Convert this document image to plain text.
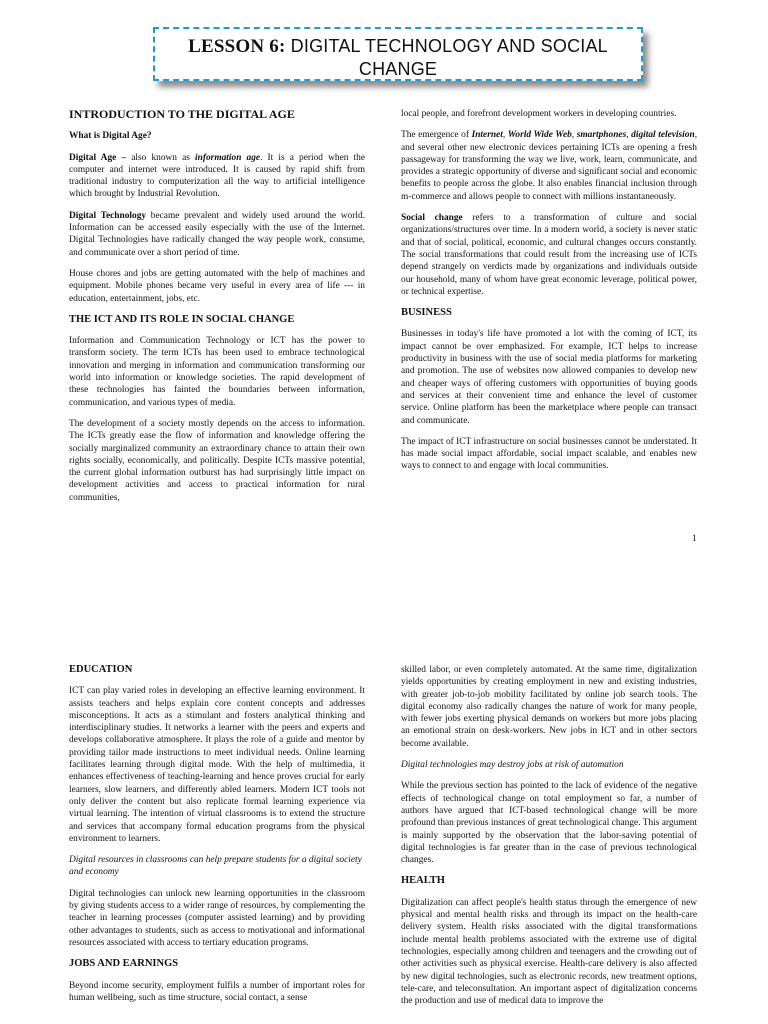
LESSON 6: DIGITAL TECHNOLOGY AND SOCIAL
CHANGE
INTRODUCTION TO THE DIGITAL AGE
What is Digital Age?

Digital Age – also known as information age. It is a period when the computer and internet were introduced. It is caused by rapid shift from traditional industry to computerization all the way to artificial intelligence which brought by Industrial Revolution.

Digital Technology became prevalent and widely used around the world. Information can be accessed easily especially with the use of the Internet. Digital Technologies have radically changed the way people work, consume, and communicate over a short period of time.

House chores and jobs are getting automated with the help of machines and equipment. Mobile phones became very useful in every area of life --- in education, entertainment, jobs, etc.

THE ICT AND ITS ROLE IN SOCIAL CHANGE

Information and Communication Technology or ICT has the power to transform society. The term ICTs has been used to embrace technological innovation and merging in information and communication transforming our world into information or knowledge societies. The rapid development of these technologies has fainted the boundaries between information, communication, and various types of media.

The development of a society mostly depends on the access to information. The ICTs greatly ease the flow of information and knowledge offering the socially marginalized community an extraordinary chance to attain their own rights socially, economically, and politically. Despite ICTs massive potential, the current global information outburst has had surprisingly little impact on development activities and access to practical information for rural communities,

local people, and forefront development workers in developing countries.

The emergence of Internet, World Wide Web, smartphones, digital television, and several other new electronic devices pertaining ICTs are opening a fresh passageway for transforming the way we live, work, learn, communicate, and provides a strategic opportunity of diverse and significant social and economic benefits to people across the globe. It also enables financial inclusion through m-commerce and allows people to connect with millions instantaneously.

Social change refers to a transformation of culture and social organizations/structures over time. In a modern world, a society is never static and that of social, political, economic, and cultural changes occurs constantly. The social transformations that could result from the increasing use of ICTs depend strangely on verdicts made by organizations and individuals outside our household, many of whom have great economic leverage, political power, or technical expertise.

BUSINESS

Businesses in today's life have promoted a lot with the coming of ICT, its impact cannot be over emphasized. For example, ICT helps to increase productivity in business with the use of social media platforms for marketing and promotion. The use of websites now allowed companies to develop new and cheaper ways of offering customers with opportunities of buying goods and services at their convenient time and enhance the level of customer service. Online platform has been the marketplace where people can transact and communicate.

The impact of ICT infrastructure on social businesses cannot be understated. It has made social impact affordable, social impact scalable, and enables new ways to connect to and engage with local communities.

1
EDUCATION

ICT can play varied roles in developing an effective learning environment. It assists teachers and helps explain core content concepts and addresses misconceptions. It acts as a stimulant and fosters analytical thinking and interdisciplinary studies. It networks a learner with the peers and experts and develops collaborative atmosphere. It plays the role of a guide and mentor by providing tailor made instructions to meet individual needs. Online learning facilitates learning through digital mode. With the help of multimedia, it enhances effectiveness of teaching-learning and hence proves crucial for early learners, slow learners, and differently abled learners. Modern ICT tools not only deliver the content but also replicate formal learning experience via virtual learning. The intention of virtual classrooms is to extend the structure and services that accompany formal education programs from the physical environment to learners.

Digital resources in classrooms can help prepare students for a digital society and economy

Digital technologies can unlock new learning opportunities in the classroom by giving students access to a wider range of resources, by complementing the teacher in learning processes (computer assisted learning) and by providing other advantages to students, such as access to motivational and informational resources associated with access to tertiary education programs.

JOBS AND EARNINGS

Beyond income security, employment fulfils a number of important roles for human wellbeing, such as time structure, social contact, a sense

skilled labor, or even completely automated. At the same time, digitalization yields opportunities by creating employment in new and existing industries, with greater job-to-job mobility facilitated by online job search tools. The digital economy also radically changes the nature of work for many people, with fewer jobs exerting physical demands on workers but more jobs placing an emotional strain on desk-workers. New jobs in ICT and in other sectors become available.

Digital technologies may destroy jobs at risk of automation

While the previous section has pointed to the lack of evidence of the negative effects of technological change on total employment so far, a number of authors have argued that ICT-based technological change will be more profound than previous instances of great technological change. This argument is mainly supported by the observation that the labor-saving potential of digital technologies is far greater than in the case of previous technological changes.

HEALTH

Digitalization can affect people's health status through the emergence of new physical and mental health risks and through its impact on the health-care delivery system. Health risks associated with the digital transformations include mental health problems associated with the extreme use of digital technologies, especially among children and teenagers and the crowding out of other activities such as physical exercise. Health-care delivery is also affected by new digital technologies, such as electronic records, new treatment options, tele-care, and teleconsultation. An important aspect of digitalization concerns the production and use of medical data to improve the
